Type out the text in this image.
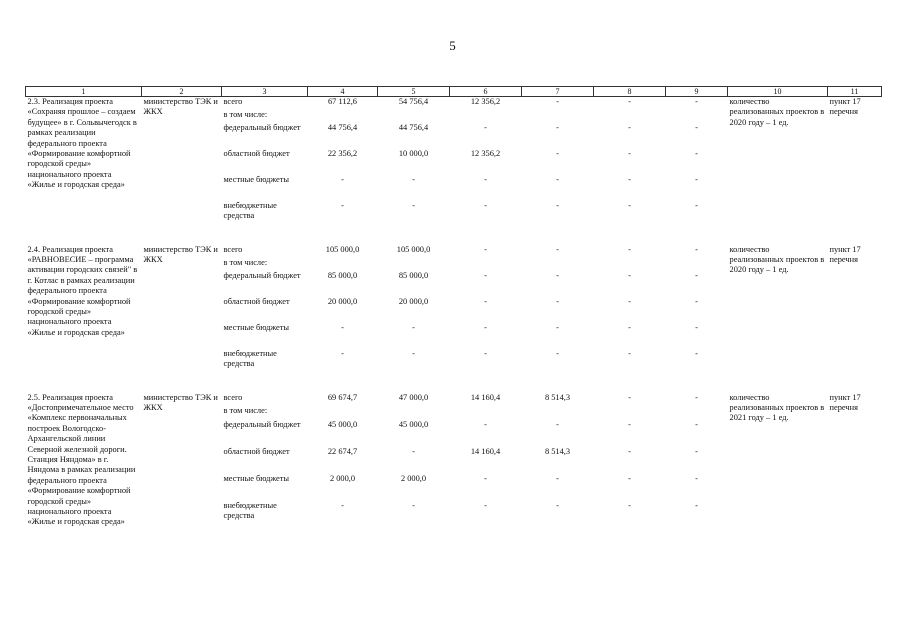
5
1	2	3	4	5	6	7	8	9	10	11
2.3. Реализация проекта «Сохраняя прошлое – создаем будущее» в г. Сольвычегодск в рамках реализации федерального проекта «Формирование комфортной городской среды» национального проекта «Жилье и городская среда»	министерство ТЭК и ЖКХ	всего	67 112,6	54 756,4	12 356,2	-	-	-	количество реализованных проектов в 2020 году – 1 ед.	пункт 17 перечня
		в том числе:								
		федеральный бюджет	44 756,4	44 756,4	-	-	-	-		
		областной бюджет	22 356,2	10 000,0	12 356,2	-	-	-		
		местные бюджеты	-	-	-	-	-	-		
		внебюджетные средства	-	-	-	-	-	-		

2.4. Реализация проекта «РАВНОВЕСИЕ – программа активации городских связей" в г. Котлас в рамках реализации федерального проекта «Формирование комфортной городской среды» национального проекта «Жилье и городская среда»	министерство ТЭК и ЖКХ	всего	105 000,0	105 000,0	-	-	-	-	количество реализованных проектов в 2020 году – 1 ед.	пункт 17 перечня
		в том числе:								
		федеральный бюджет	85 000,0	85 000,0	-	-	-	-		
		областной бюджет	20 000,0	20 000,0	-	-	-	-		
		местные бюджеты	-	-	-	-	-	-		
		внебюджетные средства	-	-	-	-	-	-		

2.5. Реализация проекта «Достопримечательное место «Комплекс первоначальных построек Вологодско-Архангельской линии Северной железной дороги. Станция Няндома» в г. Няндома в рамках реализации федерального проекта «Формирование комфортной городской среды» национального проекта «Жилье и городская среда»	министерство ТЭК и ЖКХ	всего	69 674,7	47 000,0	14 160,4	8 514,3	-	-	количество реализованных проектов в 2021 году – 1 ед.	пункт 17 перечня
		в том числе:								
		федеральный бюджет	45 000,0	45 000,0	-	-	-	-		
		областной бюджет	22 674,7	-	14 160,4	8 514,3	-	-		
		местные бюджеты	2 000,0	2 000,0	-	-	-	-		
		внебюджетные средства	-	-	-	-	-	-		
